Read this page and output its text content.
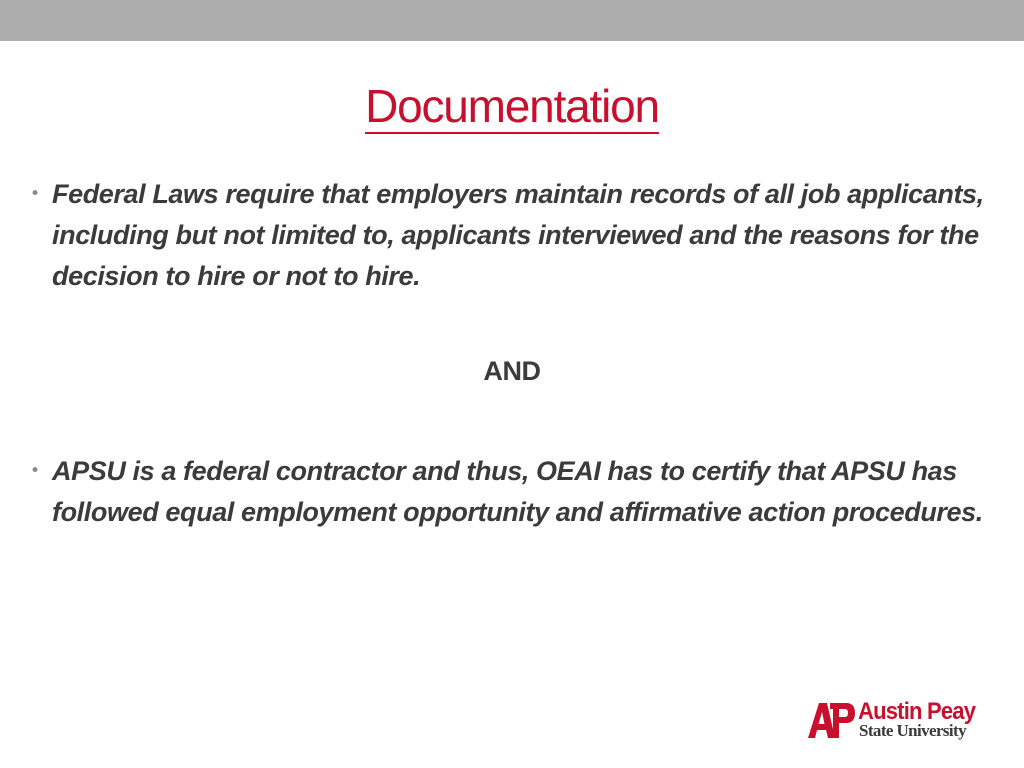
Documentation
• Federal Laws require that employers maintain records of all job applicants, including but not limited to, applicants interviewed and the reasons for the decision to hire or not to hire.
AND
• APSU is a federal contractor and thus, OEAI has to certify that APSU has followed equal employment opportunity and affirmative action procedures.
Austin Peay
State University
